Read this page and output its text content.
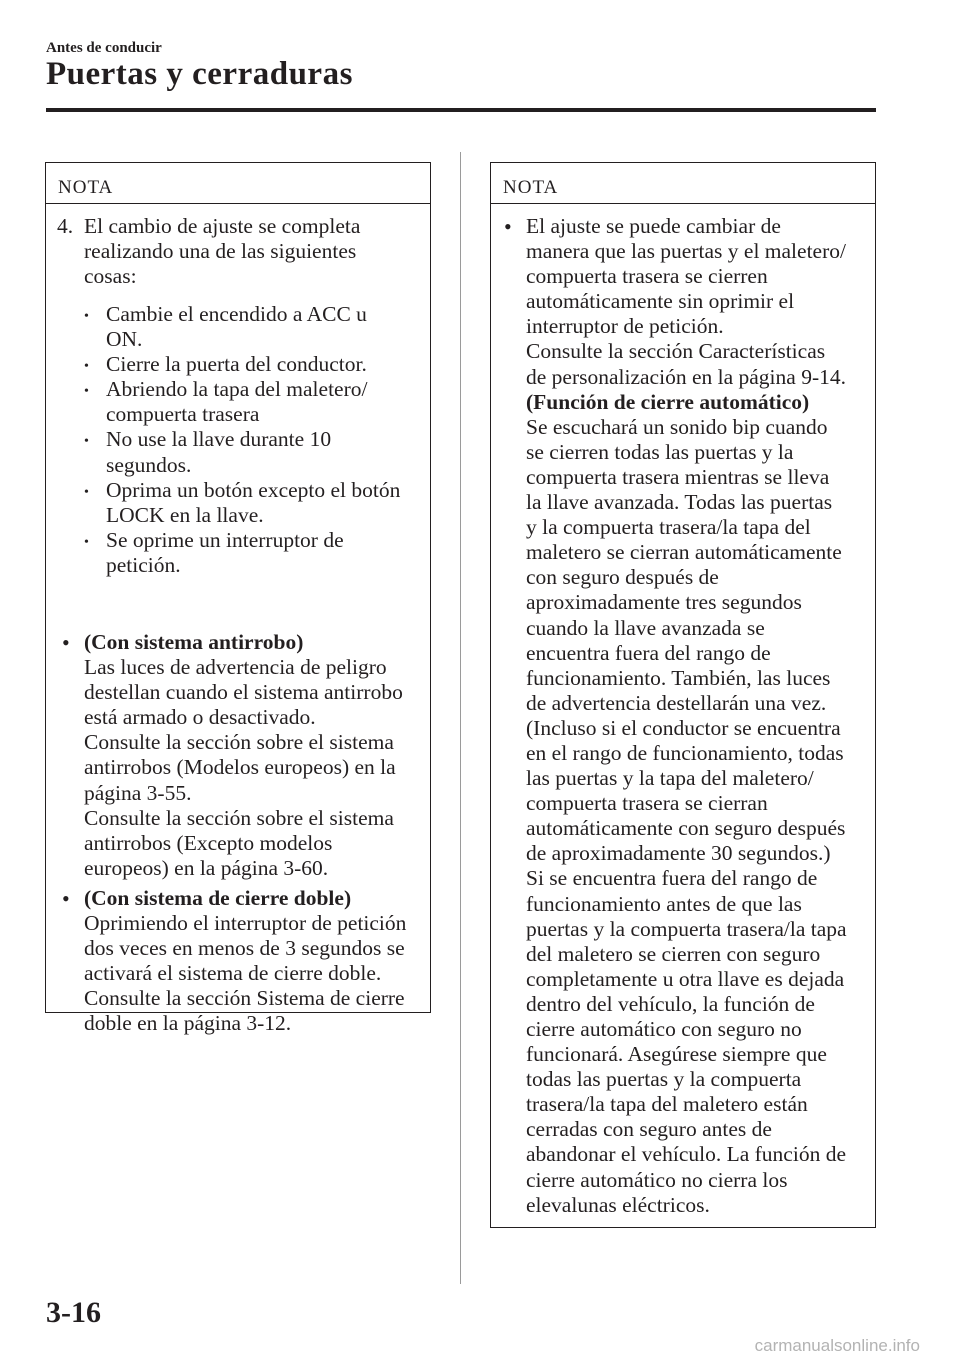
Antes de conducir
Puertas y cerraduras
NOTA
4. El cambio de ajuste se completa
realizando una de las siguientes
cosas:
• Cambie el encendido a ACC u
ON.
• Cierre la puerta del conductor.
• Abriendo la tapa del maletero/
compuerta trasera
• No use la llave durante 10
segundos.
• Oprima un botón excepto el botón
LOCK en la llave.
• Se oprime un interruptor de
petición.
• (Con sistema antirrobo)
Las luces de advertencia de peligro
destellan cuando el sistema antirrobo
está armado o desactivado.
Consulte la sección sobre el sistema
antirrobos (Modelos europeos) en la
página 3-55.
Consulte la sección sobre el sistema
antirrobos (Excepto modelos
europeos) en la página 3-60.
• (Con sistema de cierre doble)
Oprimiendo el interruptor de petición
dos veces en menos de 3 segundos se
activará el sistema de cierre doble.
Consulte la sección Sistema de cierre
doble en la página 3-12.
NOTA
• El ajuste se puede cambiar de
manera que las puertas y el maletero/
compuerta trasera se cierren
automáticamente sin oprimir el
interruptor de petición.
Consulte la sección Características
de personalización en la página 9-14.
(Función de cierre automático)
Se escuchará un sonido bip cuando
se cierren todas las puertas y la
compuerta trasera mientras se lleva
la llave avanzada. Todas las puertas
y la compuerta trasera/la tapa del
maletero se cierran automáticamente
con seguro después de
aproximadamente tres segundos
cuando la llave avanzada se
encuentra fuera del rango de
funcionamiento. También, las luces
de advertencia destellarán una vez.
(Incluso si el conductor se encuentra
en el rango de funcionamiento, todas
las puertas y la tapa del maletero/
compuerta trasera se cierran
automáticamente con seguro después
de aproximadamente 30 segundos.)
Si se encuentra fuera del rango de
funcionamiento antes de que las
puertas y la compuerta trasera/la tapa
del maletero se cierren con seguro
completamente u otra llave es dejada
dentro del vehículo, la función de
cierre automático con seguro no
funcionará. Asegúrese siempre que
todas las puertas y la compuerta
trasera/la tapa del maletero están
cerradas con seguro antes de
abandonar el vehículo. La función de
cierre automático no cierra los
elevalunas eléctricos.
3-16
carmanualsonline.info
